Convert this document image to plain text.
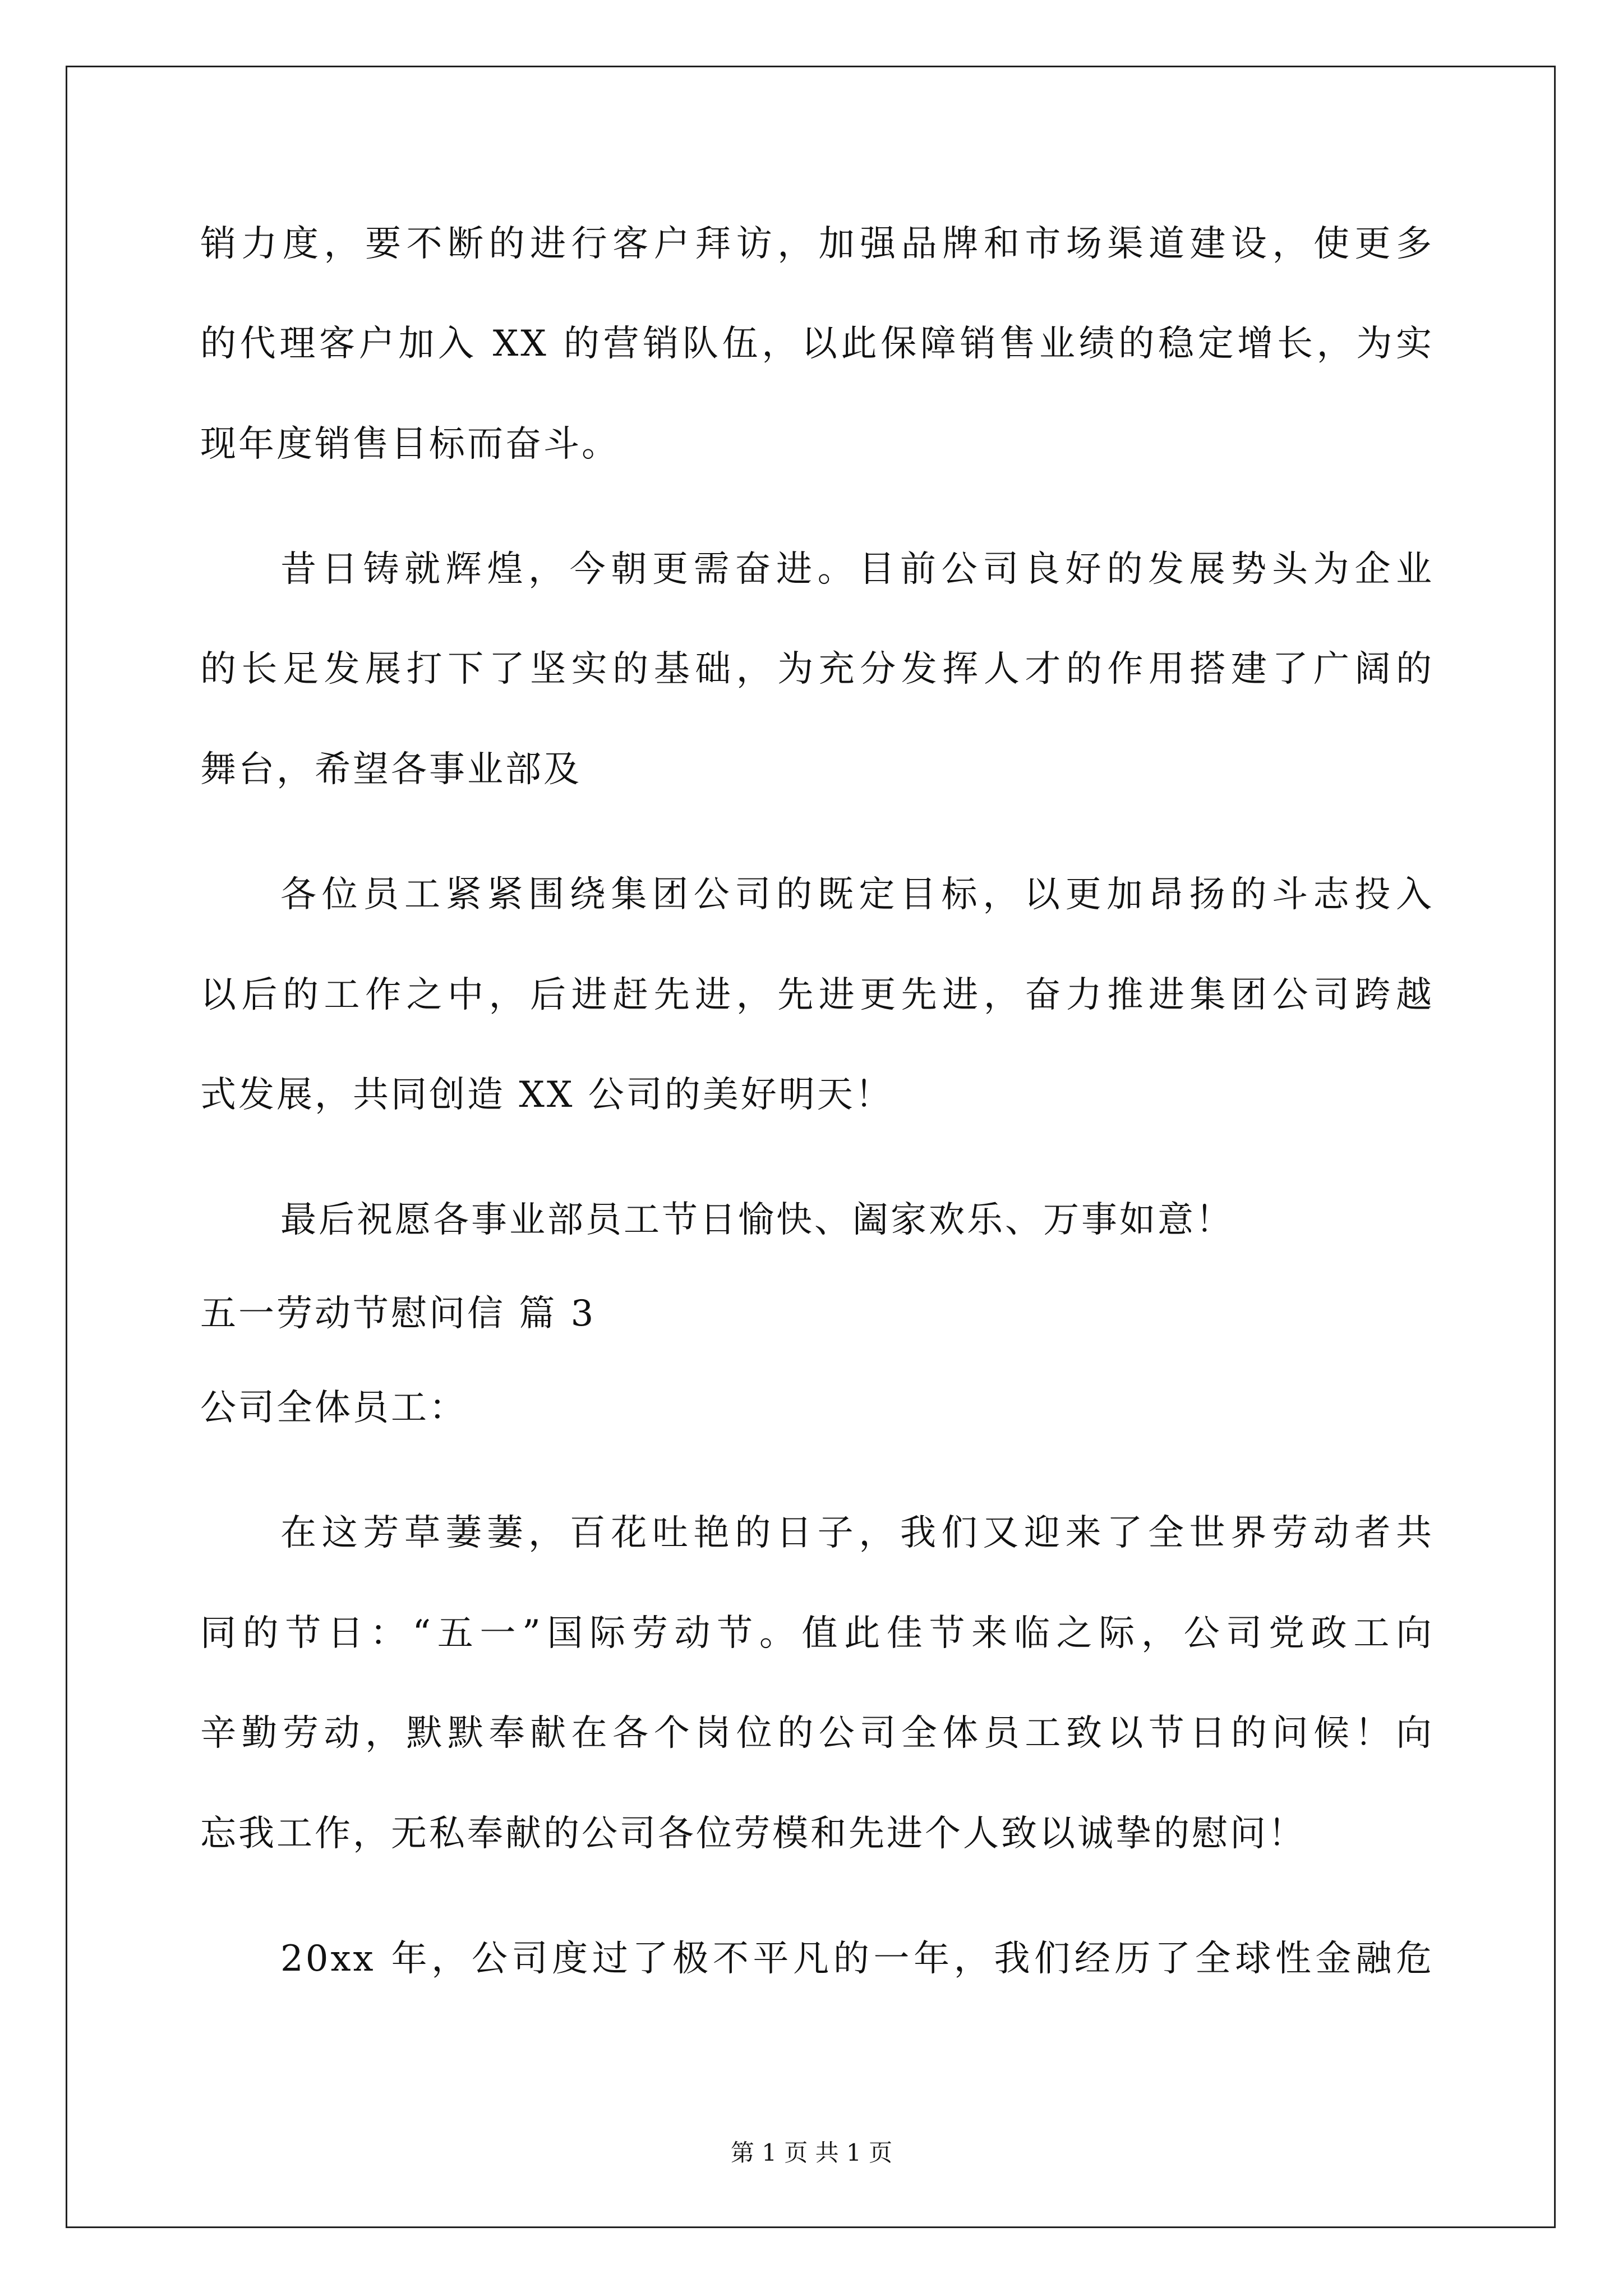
销力度，要不断的进行客户拜访，加强品牌和市场渠道建设，使更多
的代理客户加入 XX 的营销队伍，以此保障销售业绩的稳定增长，为实
现年度销售目标而奋斗。
昔日铸就辉煌，今朝更需奋进。目前公司良好的发展势头为企业
的长足发展打下了坚实的基础，为充分发挥人才的作用搭建了广阔的
舞台，希望各事业部及
各位员工紧紧围绕集团公司的既定目标，以更加昂扬的斗志投入
以后的工作之中，后进赶先进，先进更先进，奋力推进集团公司跨越
式发展，共同创造 XX 公司的美好明天！
最后祝愿各事业部员工节日愉快、阖家欢乐、万事如意！
五一劳动节慰问信 篇 3
公司全体员工：
在这芳草萋萋，百花吐艳的日子，我们又迎来了全世界劳动者共
同的节日：“五一”国际劳动节。值此佳节来临之际，公司党政工向
辛勤劳动，默默奉献在各个岗位的公司全体员工致以节日的问候！向
忘我工作，无私奉献的公司各位劳模和先进个人致以诚挚的慰问！
20xx 年，公司度过了极不平凡的一年，我们经历了全球性金融危
第 1 页 共 1 页
